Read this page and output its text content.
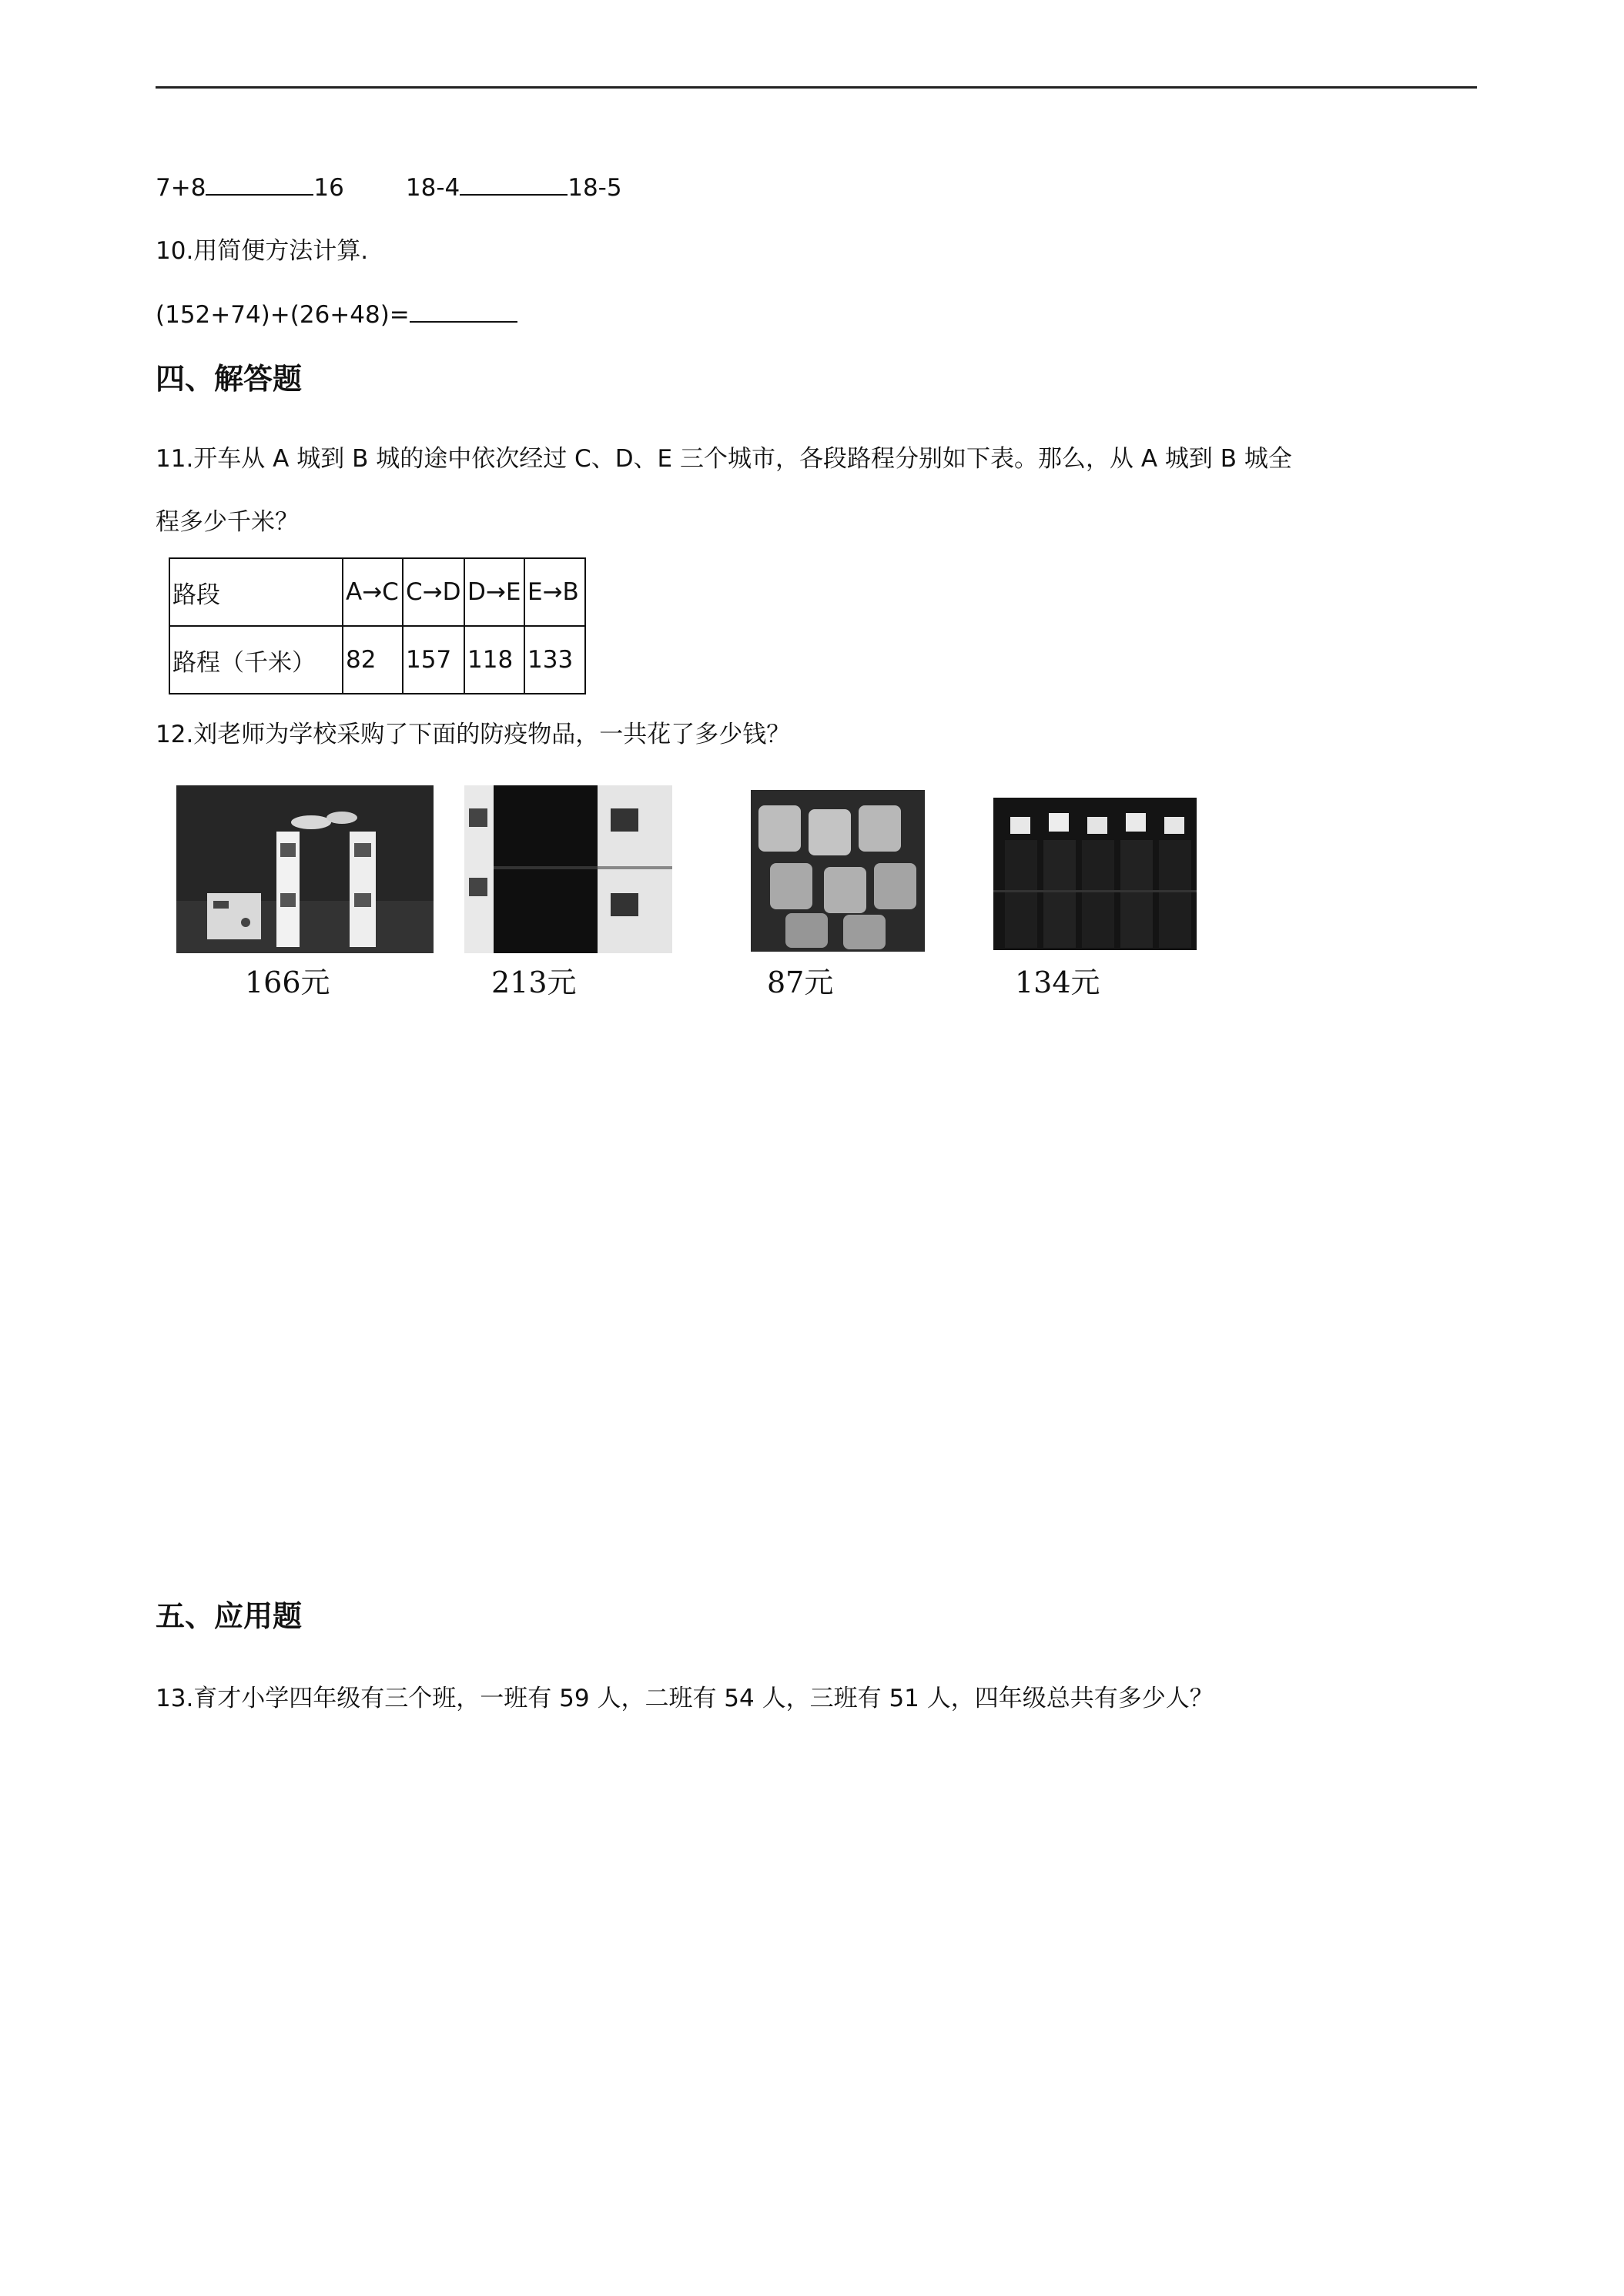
7+8	16	18-4	18-5
10.用简便方法计算.
(152+74)+(26+48)=
四、解答题
11.开车从 A 城到 B 城的途中依次经过 C、D、E 三个城市，各段路程分别如下表。那么，从 A 城到 B 城全
程多少千米？
路段	A→C	C→D	D→E	E→B
路程（千米）	82	157	118	133
12.刘老师为学校采购了下面的防疫物品，一共花了多少钱？
166元	213元	87元	134元
五、应用题
13.育才小学四年级有三个班，一班有 59 人，二班有 54 人，三班有 51 人，四年级总共有多少人？
